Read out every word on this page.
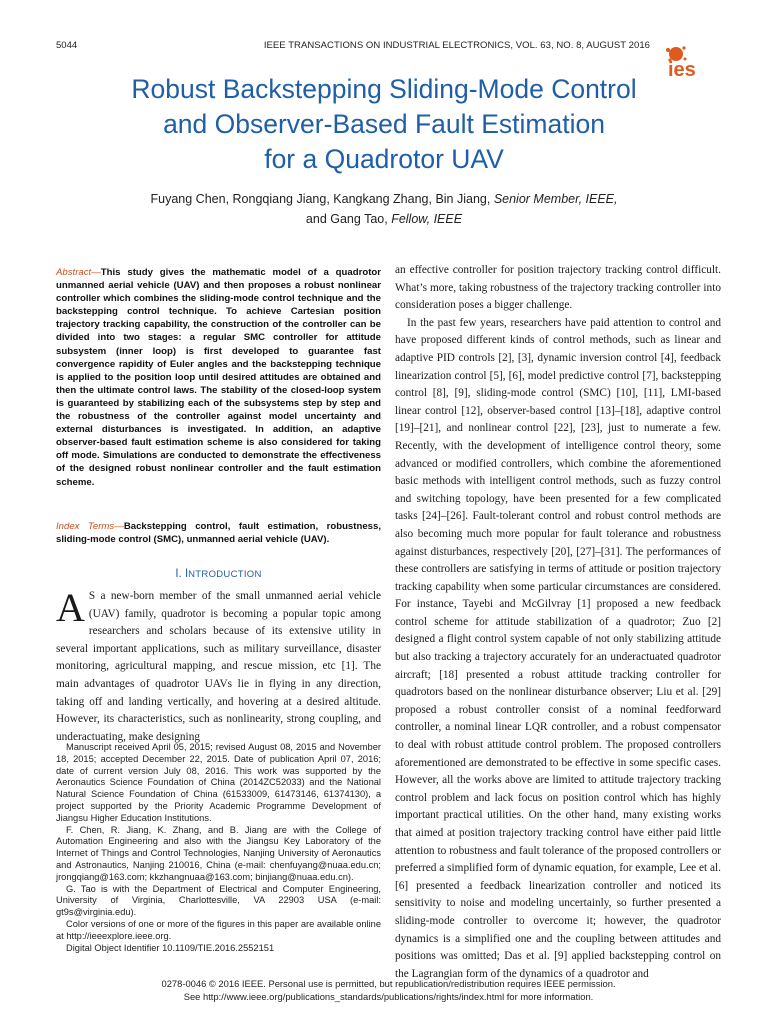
5044	IEEE TRANSACTIONS ON INDUSTRIAL ELECTRONICS, VOL. 63, NO. 8, AUGUST 2016
ies
Robust Backstepping Sliding-Mode Control
and Observer-Based Fault Estimation
for a Quadrotor UAV
Fuyang Chen, Rongqiang Jiang, Kangkang Zhang, Bin Jiang, Senior Member, IEEE,
and Gang Tao, Fellow, IEEE
Abstract—This study gives the mathematic model of a quadrotor unmanned aerial vehicle (UAV) and then proposes a robust nonlinear controller which combines the sliding-mode control technique and the backstepping control technique. To achieve Cartesian position trajectory tracking capability, the construction of the controller can be divided into two stages: a regular SMC controller for attitude subsystem (inner loop) is first developed to guarantee fast convergence rapidity of Euler angles and the backstepping technique is applied to the position loop until desired attitudes are obtained and then the ultimate control laws. The stability of the closed-loop system is guaranteed by stabilizing each of the subsystems step by step and the robustness of the controller against model uncertainty and external disturbances is investigated. In addition, an adaptive observer-based fault estimation scheme is also considered for taking off mode. Simulations are conducted to demonstrate the effectiveness of the designed robust nonlinear controller and the fault estimation scheme.
Index Terms—Backstepping control, fault estimation, robustness, sliding-mode control (SMC), unmanned aerial vehicle (UAV).
I. INTRODUCTION
A S a new-born member of the small unmanned aerial vehicle (UAV) family, quadrotor is becoming a popular topic among researchers and scholars because of its extensive utility in several important applications, such as military surveillance, disaster monitoring, agricultural mapping, and rescue mission, etc [1]. The main advantages of quadrotor UAVs lie in flying in any direction, taking off and landing vertically, and hovering at a desired altitude. However, its characteristics, such as nonlinearity, strong coupling, and underactuating, make designing

Manuscript received April 05, 2015; revised August 08, 2015 and November 18, 2015; accepted December 22, 2015. Date of publication April 07, 2016; date of current version July 08, 2016. This work was supported by the Aeronautics Science Foundation of China (2014ZC52033) and the National Natural Science Foundation of China (61533009, 61473146, 61374130), a project supported by the Priority Academic Programme Development of Jiangsu Higher Education Institutions.

F. Chen, R. Jiang, K. Zhang, and B. Jiang are with the College of Automation Engineering and also with the Jiangsu Key Laboratory of the Internet of Things and Control Technologies, Nanjing University of Aeronautics and Astronautics, Nanjing 210016, China (e-mail: chenfuyang@nuaa.edu.cn; jrongqiang@163.com; kkzhangnuaa@163.com; binjiang@nuaa.edu.cn).

G. Tao is with the Department of Electrical and Computer Engineering, University of Virginia, Charlottesville, VA 22903 USA (e-mail: gt9s@virginia.edu).

Color versions of one or more of the figures in this paper are available online at http://ieeexplore.ieee.org.

Digital Object Identifier 10.1109/TIE.2016.2552151

an effective controller for position trajectory tracking control difficult. What’s more, taking robustness of the trajectory tracking controller into consideration poses a bigger challenge.

In the past few years, researchers have paid attention to control and have proposed different kinds of control methods, such as linear and adaptive PID controls [2], [3], dynamic inversion control [4], feedback linearization control [5], [6], model predictive control [7], backstepping control [8], [9], sliding-mode control (SMC) [10], [11], LMI-based linear control [12], observer-based control [13]–[18], adaptive control [19]–[21], and nonlinear control [22], [23], just to numerate a few. Recently, with the development of intelligence control theory, some advanced or modified controllers, which combine the aforementioned basic methods with intelligent control methods, such as fuzzy control and switching topology, have been presented for a few complicated tasks [24]–[26]. Fault-tolerant control and robust control methods are also becoming much more popular for fault tolerance and robustness against disturbances, respectively [20], [27]–[31]. The performances of these controllers are satisfying in terms of attitude or position trajectory tracking capability when some particular circumstances are considered. For instance, Tayebi and McGilvray [1] proposed a new feedback control scheme for attitude stabilization of a quadrotor; Zuo [2] designed a flight control system capable of not only stabilizing attitude but also tracking a trajectory accurately for an underactuated quadrotor aircraft; [18] presented a robust attitude tracking controller for quadrotors based on the nonlinear disturbance observer; Liu et al. [29] proposed a robust controller consist of a nominal feedforward controller, a nominal linear LQR controller, and a robust compensator to deal with robust attitude control problem. The proposed controllers aforementioned are demonstrated to be effective in some specific cases. However, all the works above are limited to attitude trajectory tracking control problem and lack focus on position control which has highly important practical utilities. On the other hand, many existing works that aimed at position trajectory tracking control have either paid little attention to robustness and fault tolerance of the proposed controllers or preferred a simplified form of dynamic equation, for example, Lee et al. [6] presented a feedback linearization controller and noticed its sensitivity to noise and modeling uncertainly, so further presented a sliding-mode controller to overcome it; however, the quadrotor dynamics is a simplified one and the coupling between attitudes and positions was omitted; Das et al. [9] applied backstepping control on the Lagrangian form of the dynamics of a quadrotor and

0278-0046 © 2016 IEEE. Personal use is permitted, but republication/redistribution requires IEEE permission.
See http://www.ieee.org/publications_standards/publications/rights/index.html for more information.
